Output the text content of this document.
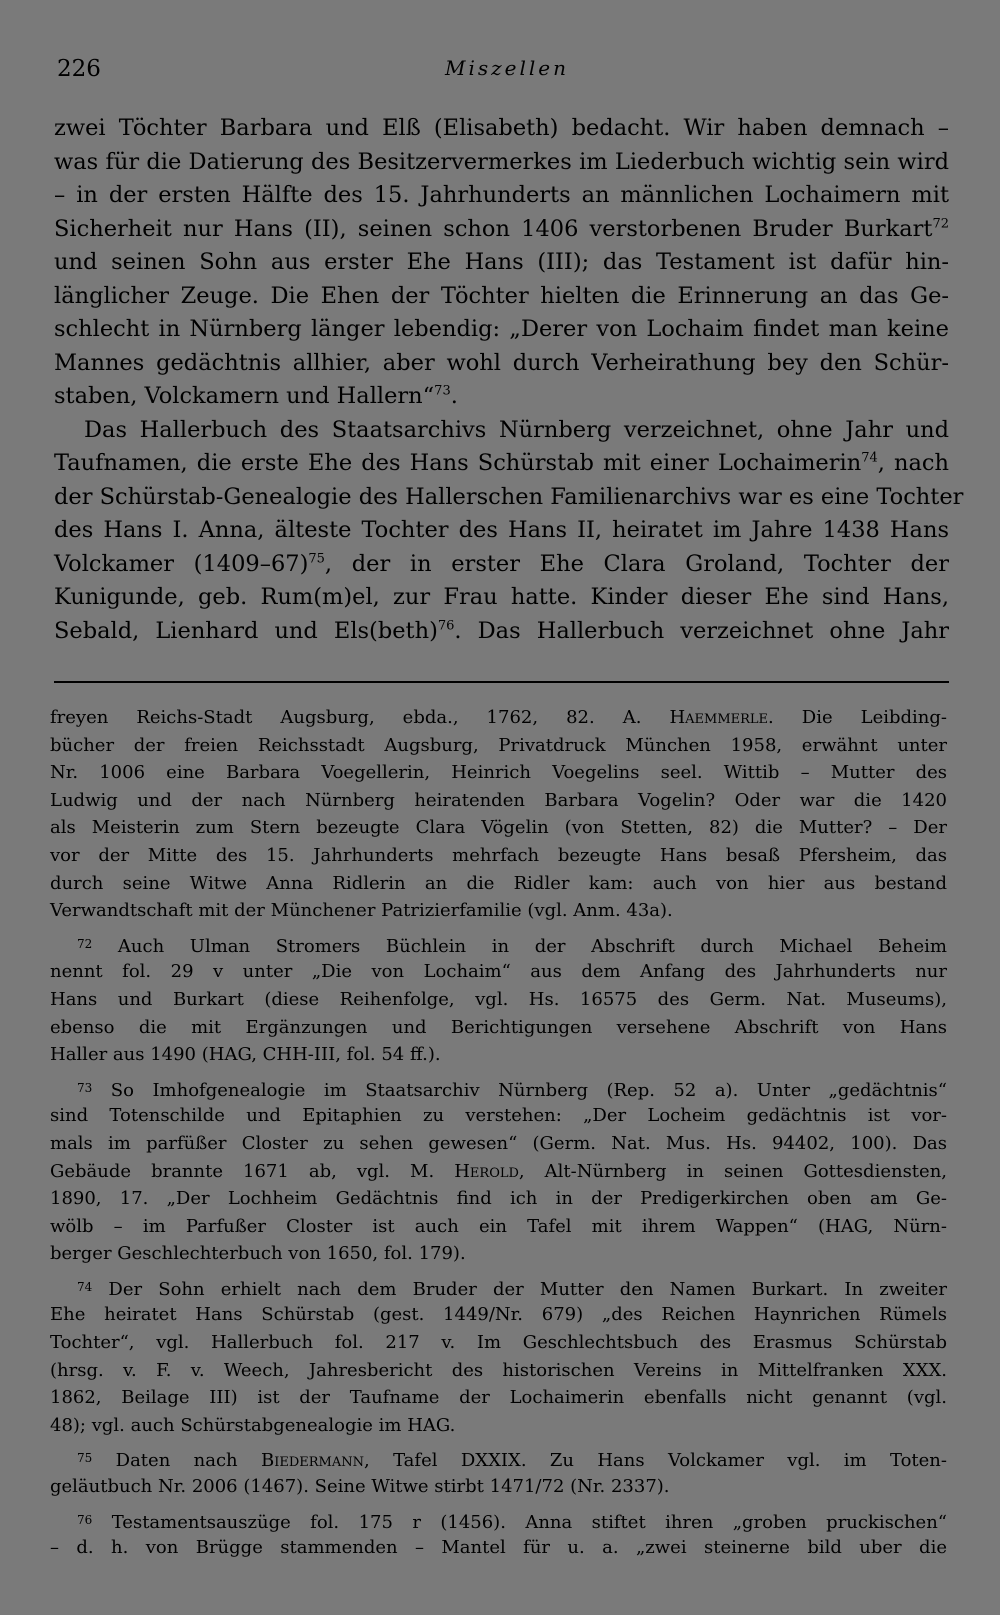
226	Miszellen
zwei Töchter Barbara und Elß (Elisabeth) bedacht. Wir haben demnach –
was für die Datierung des Besitzervermerkes im Liederbuch wichtig sein wird
– in der ersten Hälfte des 15. Jahrhunderts an männlichen Lochaimern mit
Sicherheit nur Hans (II), seinen schon 1406 verstorbenen Bruder Burkart$^{72}$
und seinen Sohn aus erster Ehe Hans (III); das Testament ist dafür hin-
länglicher Zeuge. Die Ehen der Töchter hielten die Erinnerung an das Ge-
schlecht in Nürnberg länger lebendig: „Derer von Lochaim findet man keine
Mannes gedächtnis allhier, aber wohl durch Verheirathung bey den Schür-
staben, Volckamern und Hallern“$^{73}$.
Das Hallerbuch des Staatsarchivs Nürnberg verzeichnet, ohne Jahr und
Taufnamen, die erste Ehe des Hans Schürstab mit einer Lochaimerin$^{74}$, nach
der Schürstab-Genealogie des Hallerschen Familienarchivs war es eine Tochter
des Hans I. Anna, älteste Tochter des Hans II, heiratet im Jahre 1438 Hans
Volckamer (1409–67)$^{75}$, der in erster Ehe Clara Groland, Tochter der
Kunigunde, geb. Rum(m)el, zur Frau hatte. Kinder dieser Ehe sind Hans,
Sebald, Lienhard und Els(beth)$^{76}$. Das Hallerbuch verzeichnet ohne Jahr
freyen Reichs-Stadt Augsburg, ebda., 1762, 82. A. Haemmerle. Die Leibding-
bücher der freien Reichsstadt Augsburg, Privatdruck München 1958, erwähnt unter
Nr. 1006 eine Barbara Voegellerin, Heinrich Voegelins seel. Wittib – Mutter des
Ludwig und der nach Nürnberg heiratenden Barbara Vogelin? Oder war die 1420
als Meisterin zum Stern bezeugte Clara Vögelin (von Stetten, 82) die Mutter? – Der
vor der Mitte des 15. Jahrhunderts mehrfach bezeugte Hans besaß Pfersheim, das
durch seine Witwe Anna Ridlerin an die Ridler kam: auch von hier aus bestand
Verwandtschaft mit der Münchener Patrizierfamilie (vgl. Anm. 43a).
$^{72}$ Auch Ulman Stromers Büchlein in der Abschrift durch Michael Beheim
nennt fol. 29 v unter „Die von Lochaim“ aus dem Anfang des Jahrhunderts nur
Hans und Burkart (diese Reihenfolge, vgl. Hs. 16575 des Germ. Nat. Museums),
ebenso die mit Ergänzungen und Berichtigungen versehene Abschrift von Hans
Haller aus 1490 (HAG, CHH-III, fol. 54 ff.).
$^{73}$ So Imhofgenealogie im Staatsarchiv Nürnberg (Rep. 52 a). Unter „gedächtnis“
sind Totenschilde und Epitaphien zu verstehen: „Der Locheim gedächtnis ist vor-
mals im parfüßer Closter zu sehen gewesen“ (Germ. Nat. Mus. Hs. 94402, 100). Das
Gebäude brannte 1671 ab, vgl. M. Herold, Alt-Nürnberg in seinen Gottesdiensten,
1890, 17. „Der Lochheim Gedächtnis find ich in der Predigerkirchen oben am Ge-
wölb – im Parfußer Closter ist auch ein Tafel mit ihrem Wappen“ (HAG, Nürn-
berger Geschlechterbuch von 1650, fol. 179).
$^{74}$ Der Sohn erhielt nach dem Bruder der Mutter den Namen Burkart. In zweiter
Ehe heiratet Hans Schürstab (gest. 1449/Nr. 679) „des Reichen Haynrichen Rümels
Tochter“, vgl. Hallerbuch fol. 217 v. Im Geschlechtsbuch des Erasmus Schürstab
(hrsg. v. F. v. Weech, Jahresbericht des historischen Vereins in Mittelfranken XXX.
1862, Beilage III) ist der Taufname der Lochaimerin ebenfalls nicht genannt (vgl.
48); vgl. auch Schürstabgenealogie im HAG.
$^{75}$ Daten nach Biedermann, Tafel DXXIX. Zu Hans Volckamer vgl. im Toten-
geläutbuch Nr. 2006 (1467). Seine Witwe stirbt 1471/72 (Nr. 2337).
$^{76}$ Testamentsauszüge fol. 175 r (1456). Anna stiftet ihren „groben pruckischen“
– d. h. von Brügge stammenden – Mantel für u. a. „zwei steinerne bild uber die
